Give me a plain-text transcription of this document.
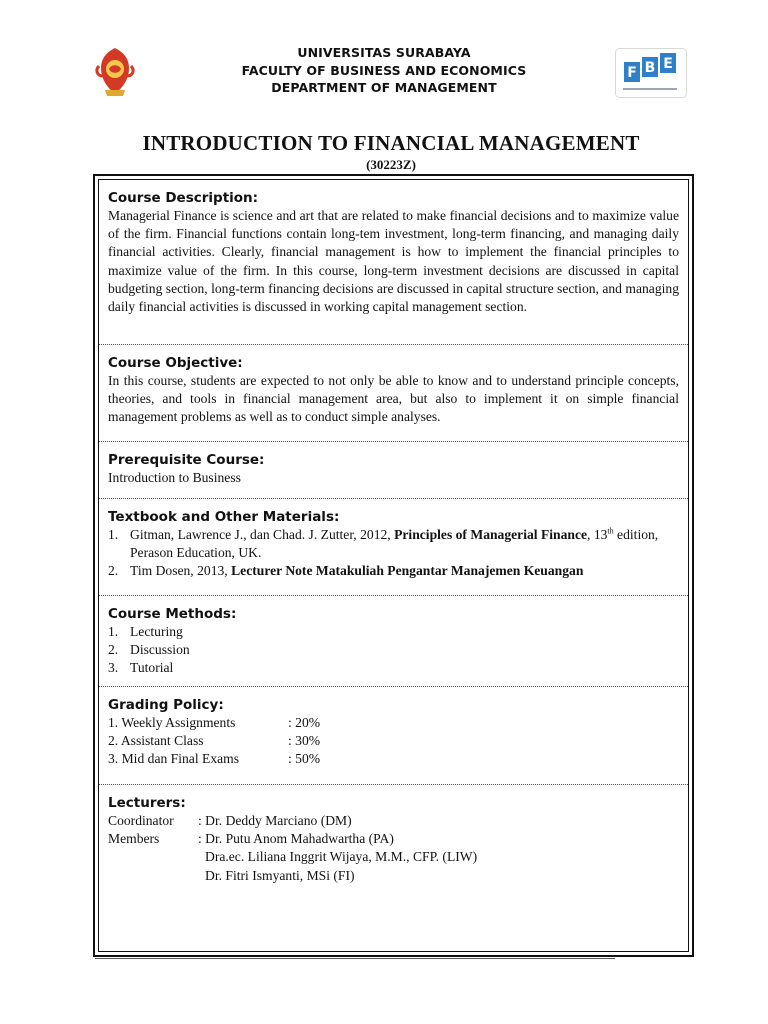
UNIVERSITAS SURABAYA
FACULTY OF BUSINESS AND ECONOMICS
DEPARTMENT OF MANAGEMENT
F B E
INTRODUCTION TO FINANCIAL MANAGEMENT
(30223Z)
Course Description:
Managerial Finance is science and art that are related to make financial decisions and to maximize value of the firm. Financial functions contain long-tem investment, long-term financing, and managing daily financial activities. Clearly, financial management is how to implement the financial principles to maximize value of the firm. In this course, long-term investment decisions are discussed in capital budgeting section, long-term financing decisions are discussed in capital structure section, and managing daily financial activities is discussed in working capital management section.
Course Objective:
In this course, students are expected to not only be able to know and to understand principle concepts, theories, and tools in financial management area, but also to implement it on simple financial management problems as well as to conduct simple analyses.
Prerequisite Course:
Introduction to Business
Textbook and Other Materials:
1. Gitman, Lawrence J., dan Chad. J. Zutter, 2012, Principles of Managerial Finance, 13th edition, Perason Education, UK.
2. Tim Dosen, 2013, Lecturer Note Matakuliah Pengantar Manajemen Keuangan
Course Methods:
1. Lecturing
2. Discussion
3. Tutorial
Grading Policy:
1. Weekly Assignments	: 20%
2. Assistant Class	: 30%
3. Mid dan Final Exams	: 50%
Lecturers:
Coordinator	: Dr. Deddy Marciano (DM)
Members	: Dr. Putu Anom Mahadwartha (PA)
Dra.ec. Liliana Inggrit Wijaya, M.M., CFP. (LIW)
Dr. Fitri Ismyanti, MSi (FI)
